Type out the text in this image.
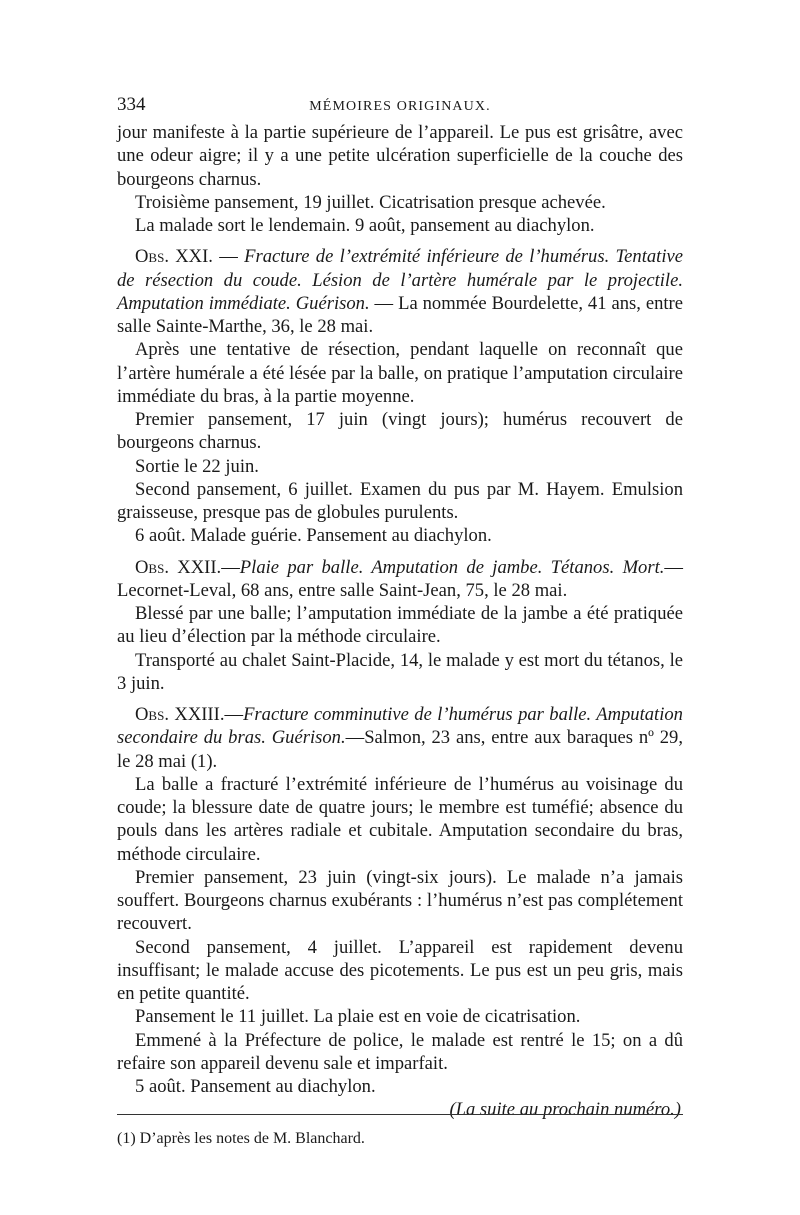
334	MÉMOIRES ORIGINAUX.

jour manifeste à la partie supérieure de l’appareil. Le pus est grisâtre, avec une odeur aigre; il y a une petite ulcération superficielle de la couche des bourgeons charnus.

Troisième pansement, 19 juillet. Cicatrisation presque achevée.

La malade sort le lendemain. 9 août, pansement au diachylon.

Obs. XXI. — Fracture de l’extrémité inférieure de l’humérus. Tentative de résection du coude. Lésion de l’artère humérale par le projectile. Amputation immédiate. Guérison. — La nommée Bourdelette, 41 ans, entre salle Sainte-Marthe, 36, le 28 mai.

Après une tentative de résection, pendant laquelle on reconnaît que l’artère humérale a été lésée par la balle, on pratique l’amputation circulaire immédiate du bras, à la partie moyenne.

Premier pansement, 17 juin (vingt jours); humérus recouvert de bourgeons charnus.

Sortie le 22 juin.

Second pansement, 6 juillet. Examen du pus par M. Hayem. Emulsion graisseuse, presque pas de globules purulents.

6 août. Malade guérie. Pansement au diachylon.

Obs. XXII.—Plaie par balle. Amputation de jambe. Tétanos. Mort.— Lecornet-Leval, 68 ans, entre salle Saint-Jean, 75, le 28 mai.

Blessé par une balle; l’amputation immédiate de la jambe a été pratiquée au lieu d’élection par la méthode circulaire.

Transporté au chalet Saint-Placide, 14, le malade y est mort du tétanos, le 3 juin.

Obs. XXIII.—Fracture comminutive de l’humérus par balle. Amputation secondaire du bras. Guérison.—Salmon, 23 ans, entre aux baraques nº 29, le 28 mai (1).

La balle a fracturé l’extrémité inférieure de l’humérus au voisinage du coude; la blessure date de quatre jours; le membre est tuméfié; absence du pouls dans les artères radiale et cubitale. Amputation secondaire du bras, méthode circulaire.

Premier pansement, 23 juin (vingt-six jours). Le malade n’a jamais souffert. Bourgeons charnus exubérants : l’humérus n’est pas complétement recouvert.

Second pansement, 4 juillet. L’appareil est rapidement devenu insuffisant; le malade accuse des picotements. Le pus est un peu gris, mais en petite quantité.

Pansement le 11 juillet. La plaie est en voie de cicatrisation.

Emmené à la Préfecture de police, le malade est rentré le 15; on a dû refaire son appareil devenu sale et imparfait.

5 août. Pansement au diachylon.

(La suite au prochain numéro.)

(1) D’après les notes de M. Blanchard.
